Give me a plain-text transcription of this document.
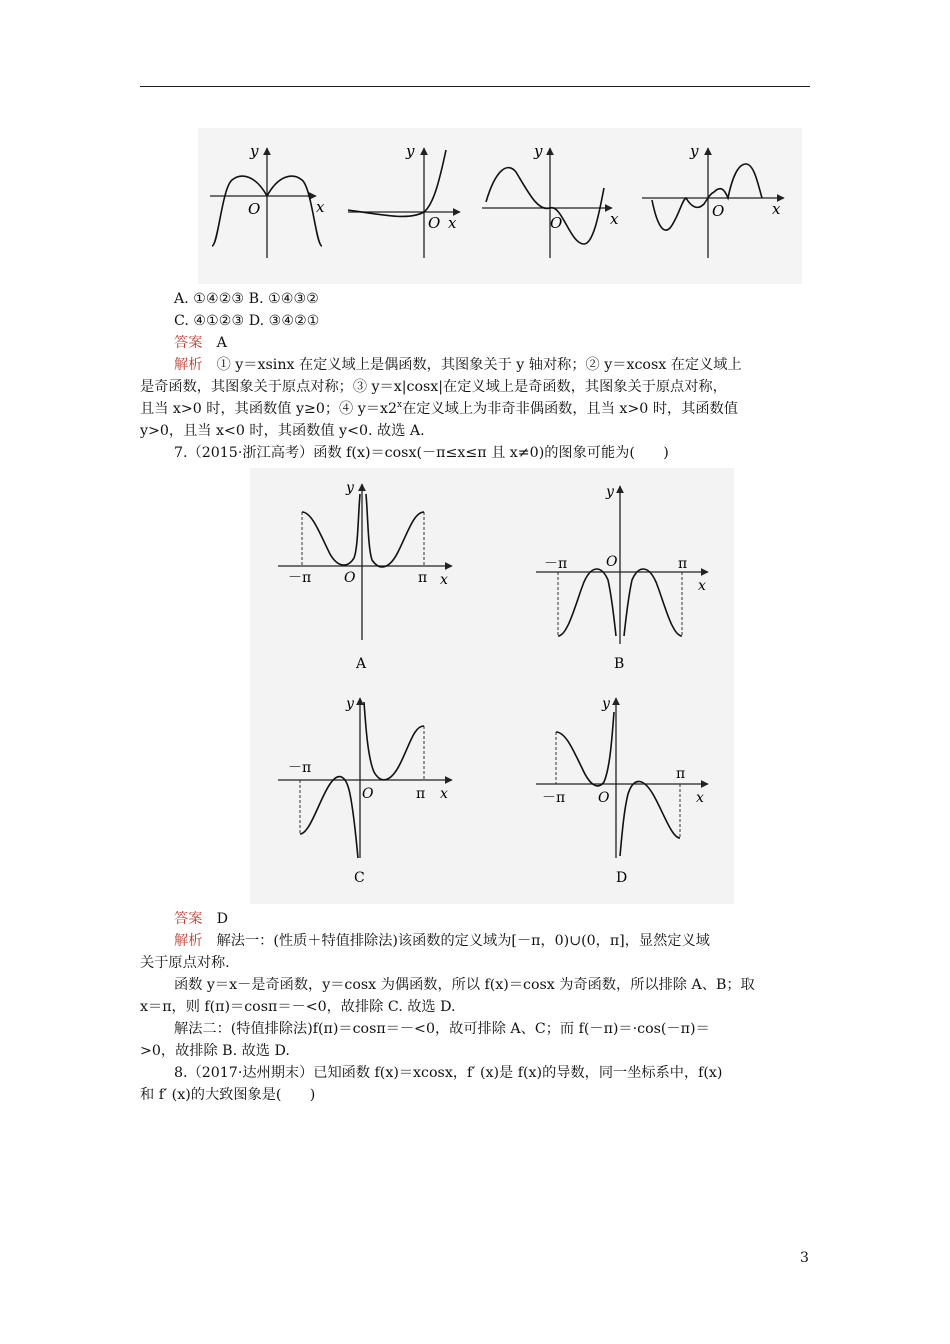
O	x
y
O x
y
O	x
y
O	x
y
A. ①④②③ B. ①④③②
C. ④①②③ D. ③④②①
答案　 A
解析　 ① y＝xsinx 在定义域上是偶函数，其图象关于 y 轴对称；② y＝xcosx 在定义域上
是奇函数，其图象关于原点对称；③ y＝x|cosx|在定义域上是奇函数，其图象关于原点对称，
且当 x>0 时，其函数值 y≥0；④ $y=x2^x$在定义域上为非奇非偶函数，且当 x>0 时，其函数值
y>0，且当 x<0 时，其函数值 y<0. 故选 A.
7.（2015·浙江高考）函数 f(x)＝cosx(－π≤x≤π 且 x≠0)的图象可能为(　　)
－π	π
O	x
y
A
－π	π
O
x
y
B
－π
π
O	x
y
C
－π
π
O	x
y
D
答案　 D
解析　 解法一：(性质＋特值排除法)该函数的定义域为[－π，0)∪(0，π]，显然定义域
关于原点对称.
函数 y＝x－是奇函数，y＝cosx 为偶函数，所以 f(x)＝cosx 为奇函数，所以排除 A、B；取
x＝π，则 f(π)＝cosπ＝－<0，故排除 C. 故选 D.
解法二：(特值排除法)f(π)＝cosπ＝－<0，故可排除 A、C；而 f(－π)＝·cos(－π)＝
>0，故排除 B. 故选 D.
8.（2017·达州期末）已知函数 f(x)＝xcosx，f′ (x)是 f(x)的导数，同一坐标系中，f(x)
和 f′ (x)的大致图象是(　　)
3
